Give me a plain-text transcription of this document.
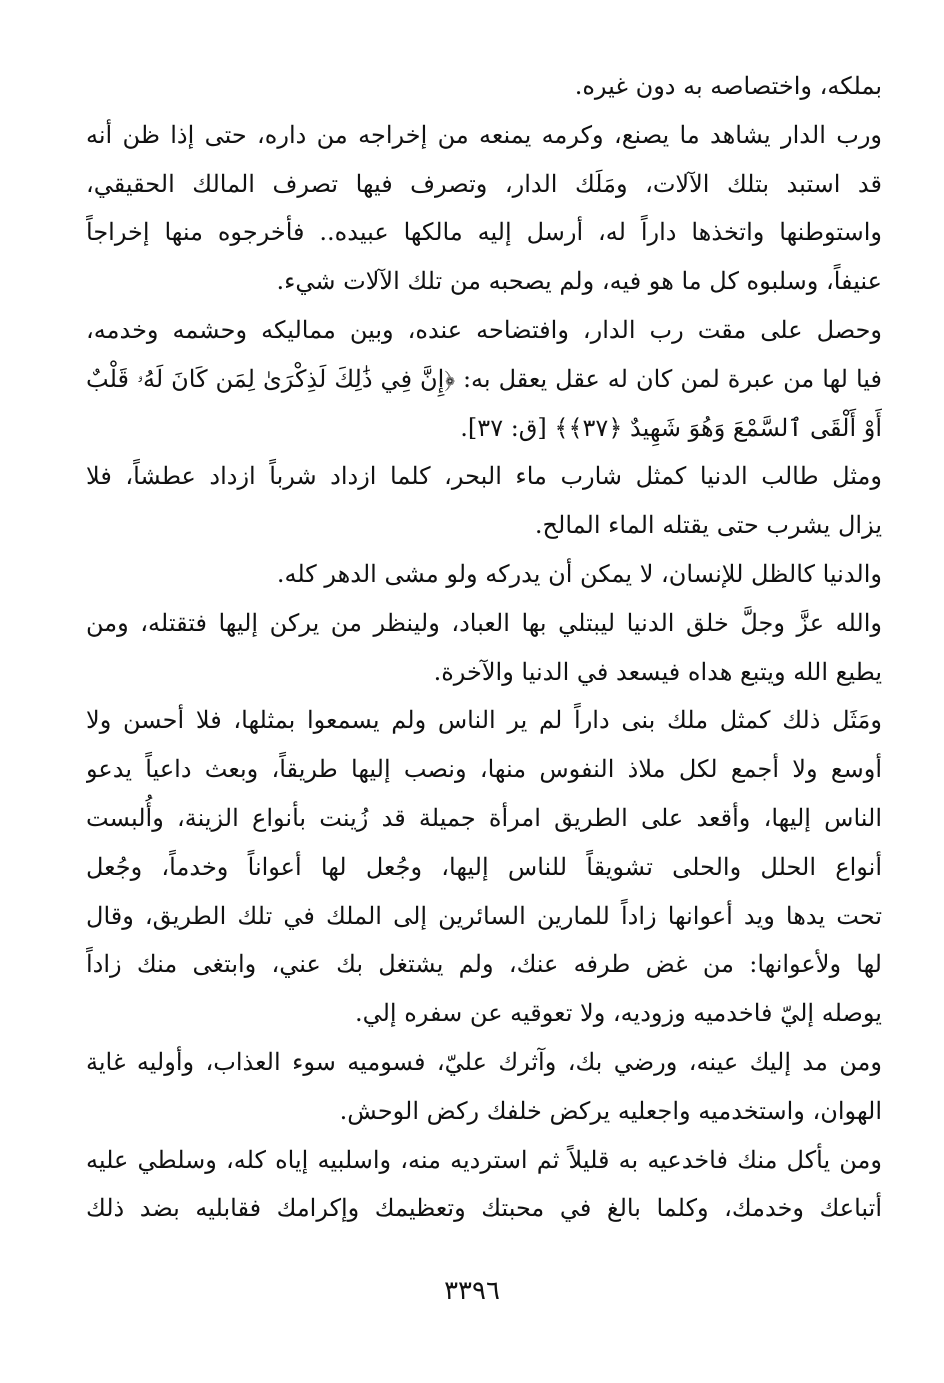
بملكه، واختصاصه به دون غيره.
ورب الدار يشاهد ما يصنع، وكرمه يمنعه من إخراجه من داره، حتى إذا ظن أنه
قد استبد بتلك الآلات، ومَلَك الدار، وتصرف فيها تصرف المالك الحقيقي،
واستوطنها واتخذها داراً له، أرسل إليه مالكها عبيده.. فأخرجوه منها إخراجاً
عنيفاً، وسلبوه كل ما هو فيه، ولم يصحبه من تلك الآلات شيء.
وحصل على مقت رب الدار، وافتضاحه عنده، وبين مماليكه وحشمه وخدمه،
فيا لها من عبرة لمن كان له عقل يعقل به: ﴿إِنَّ فِي ذَٰلِكَ لَذِكْرَىٰ لِمَن كَانَ لَهُۥ قَلْبٌ
أَوْ أَلْقَى ٱلسَّمْعَ وَهُوَ شَهِيدٌ ﴿٣٧﴾﴾ [ق: ٣٧].
ومثل طالب الدنيا كمثل شارب ماء البحر، كلما ازداد شرباً ازداد عطشاً، فلا
يزال يشرب حتى يقتله الماء المالح.
والدنيا كالظل للإنسان، لا يمكن أن يدركه ولو مشى الدهر كله.
والله عزَّ وجلَّ خلق الدنيا ليبتلي بها العباد، ولينظر من يركن إليها فتقتله، ومن
يطيع الله ويتبع هداه فيسعد في الدنيا والآخرة.
ومَثَل ذلك كمثل ملك بنى داراً لم ير الناس ولم يسمعوا بمثلها، فلا أحسن ولا
أوسع ولا أجمع لكل ملاذ النفوس منها، ونصب إليها طريقاً، وبعث داعياً يدعو
الناس إليها، وأقعد على الطريق امرأة جميلة قد زُينت بأنواع الزينة، وأُلبست
أنواع الحلل والحلى تشويقاً للناس إليها، وجُعل لها أعواناً وخدماً، وجُعل
تحت يدها ويد أعوانها زاداً للمارين السائرين إلى الملك في تلك الطريق، وقال
لها ولأعوانها: من غض طرفه عنك، ولم يشتغل بك عني، وابتغى منك زاداً
يوصله إليّ فاخدميه وزوديه، ولا تعوقيه عن سفره إلي.
ومن مد إليك عينه، ورضي بك، وآثرك عليّ، فسوميه سوء العذاب، وأوليه غاية
الهوان، واستخدميه واجعليه يركض خلفك ركض الوحش.
ومن يأكل منك فاخدعيه به قليلاً ثم استرديه منه، واسلبيه إياه كله، وسلطي عليه
أتباعك وخدمك، وكلما بالغ في محبتك وتعظيمك وإكرامك فقابليه بضد ذلك
٣٣٩٦
